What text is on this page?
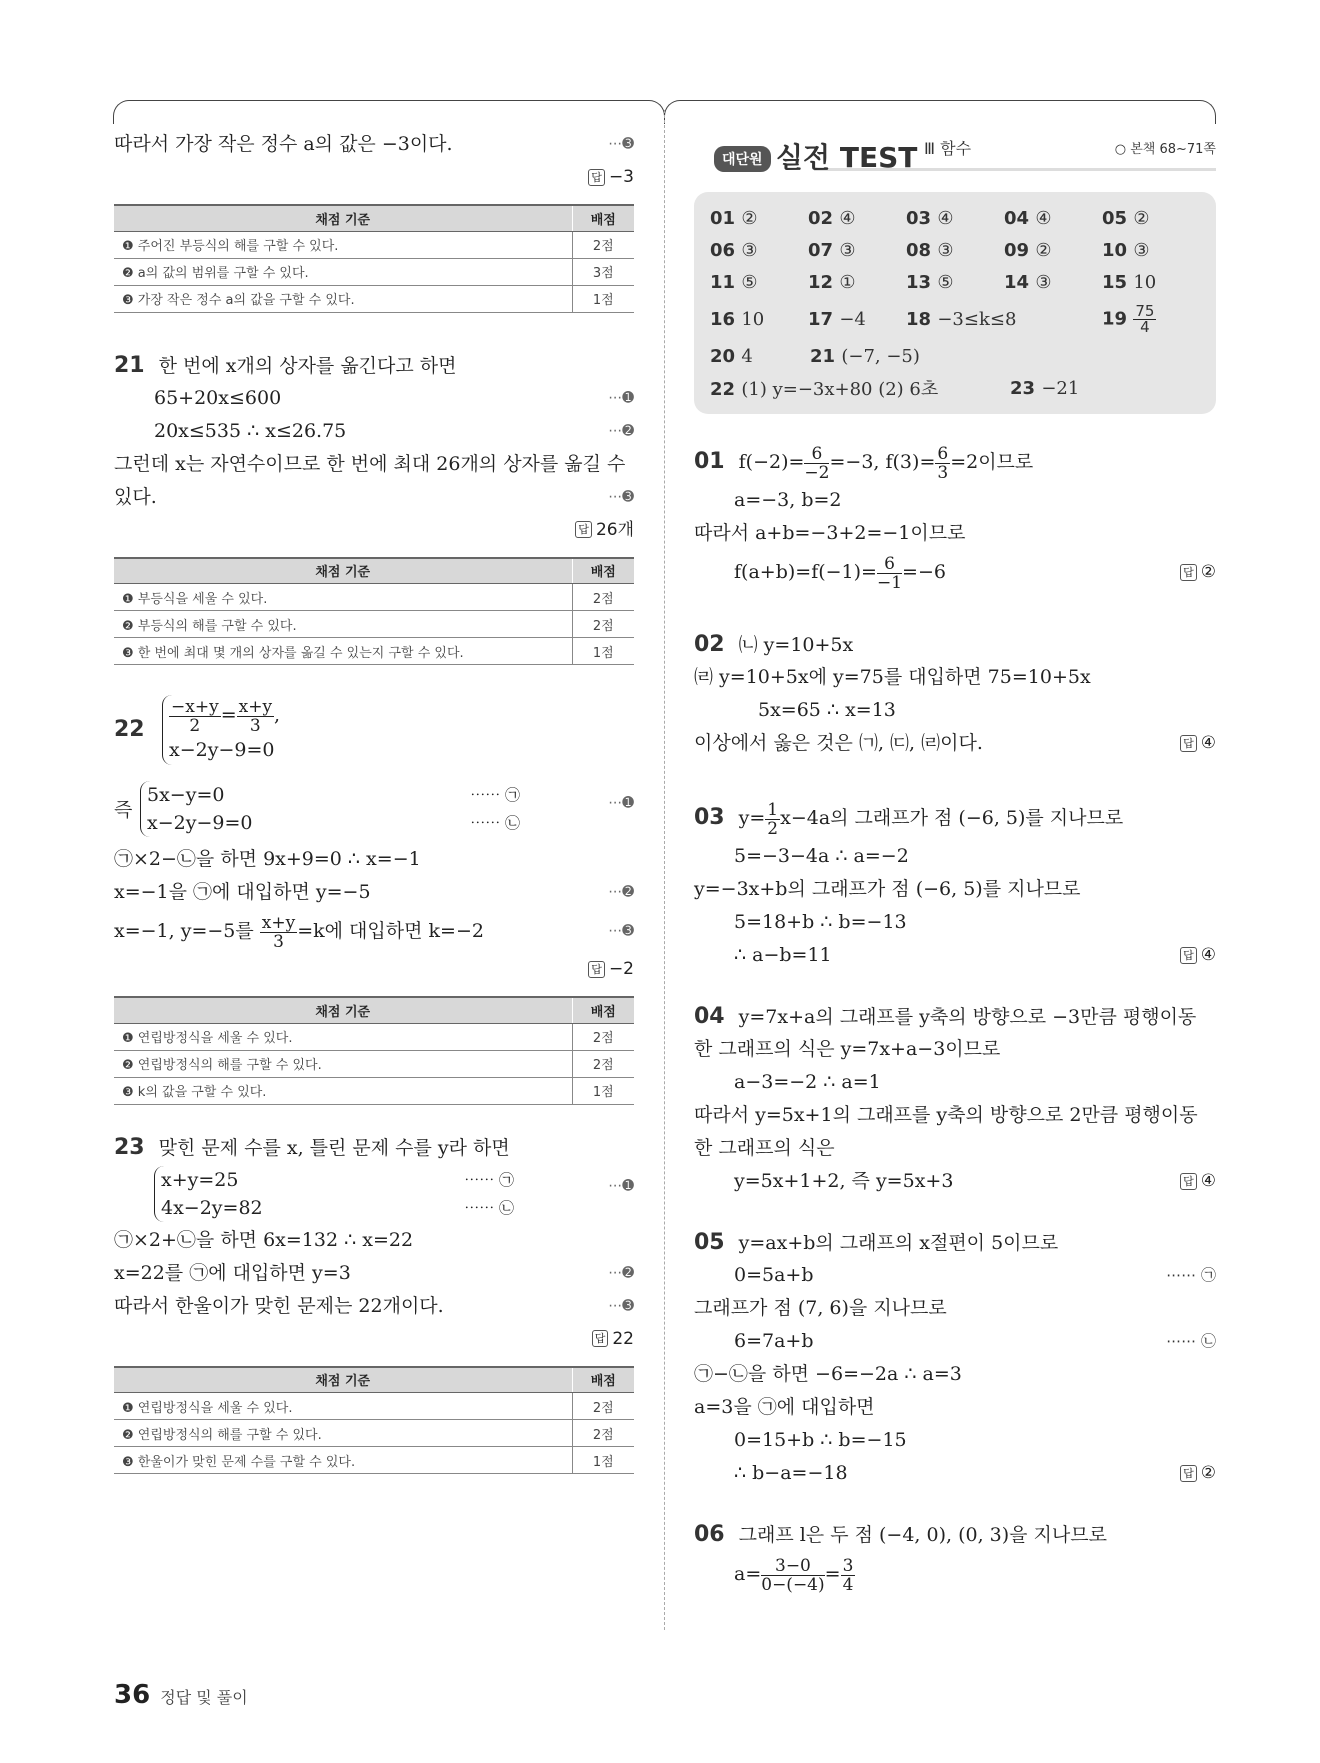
따라서 가장 작은 정수 a의 값은 −3이다.	⋯➌
답 −3
채점 기준	배점
❶ 주어진 부등식의 해를 구할 수 있다.	2점
❷ a의 값의 범위를 구할 수 있다.	3점
❸ 가장 작은 정수 a의 값을 구할 수 있다.	1점
21 한 번에 x개의 상자를 옮긴다고 하면
65+20x≤600	⋯➊
20x≤535 ∴ x≤26.75	⋯➋
그런데 x는 자연수이므로 한 번에 최대 26개의 상자를 옮길 수
있다.	⋯➌
답 26개
채점 기준	배점
❶ 부등식을 세울 수 있다.	2점
❷ 부등식의 해를 구할 수 있다.	2점
❸ 한 번에 최대 몇 개의 상자를 옮길 수 있는지 구할 수 있다.	1점
$22 \frac{-x+y}{2} = \frac{x+y}{3}$ ,
x−2y−9=0
즉
5x−y=0	⋯⋯ ㉠
x−2y−9=0	⋯⋯ ㉡
⋯➊
㉠×2−㉡을 하면 9x+9=0 ∴ x=−1
x=−1을 ㉠에 대입하면 y=−5	⋯➋
x=−1, y=−5를 $\frac{x+y}{3} =k$에 대입하면 k=−2	⋯➌
답 −2
채점 기준	배점
❶ 연립방정식을 세울 수 있다.	2점
❷ 연립방정식의 해를 구할 수 있다.	2점
❸ k의 값을 구할 수 있다.	1점
23 맞힌 문제 수를 x, 틀린 문제 수를 y라 하면
x+y=25	⋯⋯ ㉠
4x−2y=82	⋯⋯ ㉡
⋯➊
㉠×2+㉡을 하면 6x=132 ∴ x=22
x=22를 ㉠에 대입하면 y=3	⋯➋
따라서 한울이가 맞힌 문제는 22개이다.	⋯➌
답 22
채점 기준	배점
❶ 연립방정식을 세울 수 있다.	2점
❷ 연립방정식의 해를 구할 수 있다.	2점
❸ 한울이가 맞힌 문제 수를 구할 수 있다.	1점
대단원 실전 TEST Ⅲ 함수	○ 본책 68~71쪽
01 ②	02 ④	03 ④	04 ④	05 ②
06 ③	07 ③	08 ③	09 ②	10 ③
11 ⑤	12 ①	13 ⑤	14 ③	15 10
16 10	17 −4	18 −3≤k≤8	$19 \frac{75}{4}$
20 4	21 (−7, −5)
22 (1) y=−3x+80 (2) 6초	23 −21
01 $f(-2)= \frac{6}{-2} =-3$, $f(3)= \frac{6}{3} =2$이므로
a=−3, b=2
따라서 a+b=−3+2=−1이므로
$f(a+b)=f(-1)= \frac{6}{-1} =-6$	답 ②
02 ㈁ y=10+5x
㈃ y=10+5x에 y=75를 대입하면 75=10+5x
5x=65 ∴ x=13
이상에서 옳은 것은 ㈀, ㈂, ㈃이다.	답 ④
03 $y= \frac{1}{2} x-4a$의 그래프가 점 (−6, 5)를 지나므로
5=−3−4a ∴ a=−2
y=−3x+b의 그래프가 점 (−6, 5)를 지나므로
5=18+b ∴ b=−13
∴ a−b=11	답 ④
04 y=7x+a의 그래프를 y축의 방향으로 −3만큼 평행이동
한 그래프의 식은 y=7x+a−3이므로
a−3=−2 ∴ a=1
따라서 y=5x+1의 그래프를 y축의 방향으로 2만큼 평행이동
한 그래프의 식은
y=5x+1+2, 즉 y=5x+3	답 ④
05 y=ax+b의 그래프의 x절편이 5이므로
0=5a+b	⋯⋯ ㉠
그래프가 점 (7, 6)을 지나므로
6=7a+b	⋯⋯ ㉡
㉠−㉡을 하면 −6=−2a ∴ a=3
a=3을 ㉠에 대입하면
0=15+b ∴ b=−15
∴ b−a=−18	답 ②
06 그래프 l은 두 점 (−4, 0), (0, 3)을 지나므로
$a= \frac{3-0}{0-(-4)} = \frac{3}{4}$
36 정답 및 풀이
